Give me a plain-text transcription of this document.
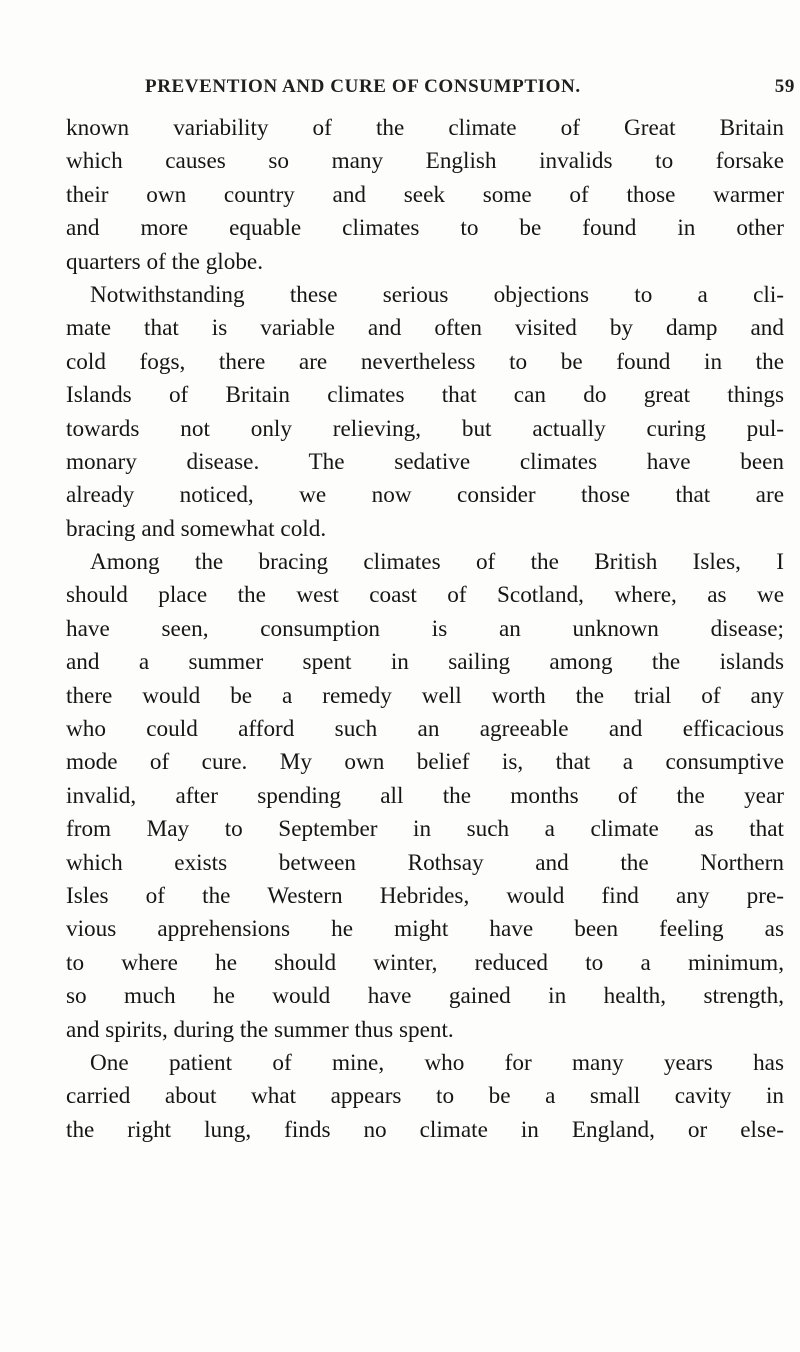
PREVENTION AND CURE OF CONSUMPTION.	59
known variability of the climate of Great Britain
which causes so many English invalids to forsake
their own country and seek some of those warmer
and more equable climates to be found in other
quarters of the globe.
Notwithstanding these serious objections to a cli-
mate that is variable and often visited by damp and
cold fogs, there are nevertheless to be found in the
Islands of Britain climates that can do great things
towards not only relieving, but actually curing pul-
monary disease. The sedative climates have been
already noticed, we now consider those that are
bracing and somewhat cold.
Among the bracing climates of the British Isles, I
should place the west coast of Scotland, where, as we
have seen, consumption is an unknown disease;
and a summer spent in sailing among the islands
there would be a remedy well worth the trial of any
who could afford such an agreeable and efficacious
mode of cure. My own belief is, that a consumptive
invalid, after spending all the months of the year
from May to September in such a climate as that
which exists between Rothsay and the Northern
Isles of the Western Hebrides, would find any pre-
vious apprehensions he might have been feeling as
to where he should winter, reduced to a minimum,
so much he would have gained in health, strength,
and spirits, during the summer thus spent.
One patient of mine, who for many years has
carried about what appears to be a small cavity in
the right lung, finds no climate in England, or else-
